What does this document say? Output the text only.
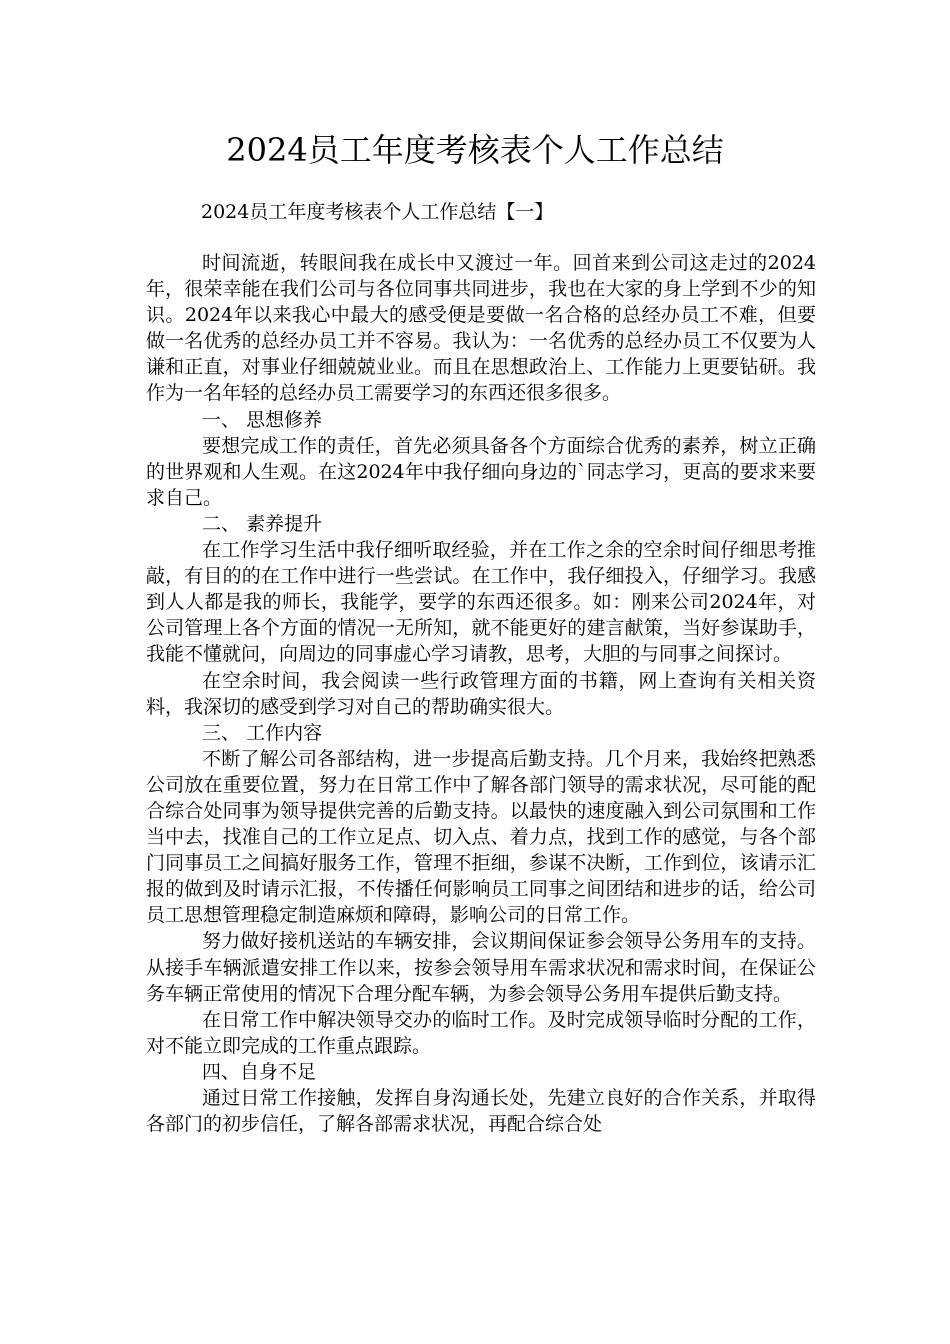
2024员工年度考核表个人工作总结
2024员工年度考核表个人工作总结【一】

时间流逝，转眼间我在成长中又渡过一年。回首来到公司这走过的2024年，很荣幸能在我们公司与各位同事共同进步，我也在大家的身上学到不少的知识。2024年以来我心中最大的感受便是要做一名合格的总经办员工不难，但要做一名优秀的总经办员工并不容易。我认为：一名优秀的总经办员工不仅要为人谦和正直，对事业仔细兢兢业业。而且在思想政治上、工作能力上更要钻研。我作为一名年轻的总经办员工需要学习的东西还很多很多。

一、 思想修养

要想完成工作的责任，首先必须具备各个方面综合优秀的素养，树立正确的世界观和人生观。在这2024年中我仔细向身边的`同志学习，更高的要求来要求自己。

二、 素养提升

在工作学习生活中我仔细听取经验，并在工作之余的空余时间仔细思考推敲，有目的的在工作中进行一些尝试。在工作中，我仔细投入，仔细学习。我感到人人都是我的师长，我能学，要学的东西还很多。如：刚来公司2024年，对公司管理上各个方面的情况一无所知，就不能更好的建言献策，当好参谋助手，我能不懂就问，向周边的同事虚心学习请教，思考，大胆的与同事之间探讨。

在空余时间，我会阅读一些行政管理方面的书籍，网上查询有关相关资料，我深切的感受到学习对自己的帮助确实很大。

三、 工作内容

不断了解公司各部结构，进一步提高后勤支持。几个月来，我始终把熟悉公司放在重要位置，努力在日常工作中了解各部门领导的需求状况，尽可能的配合综合处同事为领导提供完善的后勤支持。以最快的速度融入到公司氛围和工作当中去，找准自己的工作立足点、切入点、着力点，找到工作的感觉，与各个部门同事员工之间搞好服务工作，管理不拒细，参谋不决断，工作到位，该请示汇报的做到及时请示汇报，不传播任何影响员工同事之间团结和进步的话，给公司员工思想管理稳定制造麻烦和障碍，影响公司的日常工作。

努力做好接机送站的车辆安排，会议期间保证参会领导公务用车的支持。从接手车辆派遣安排工作以来，按参会领导用车需求状况和需求时间，在保证公务车辆正常使用的情况下合理分配车辆，为参会领导公务用车提供后勤支持。

在日常工作中解决领导交办的临时工作。及时完成领导临时分配的工作，对不能立即完成的工作重点跟踪。

四、自身不足

通过日常工作接触，发挥自身沟通长处，先建立良好的合作关系，并取得各部门的初步信任，了解各部需求状况，再配合综合处
